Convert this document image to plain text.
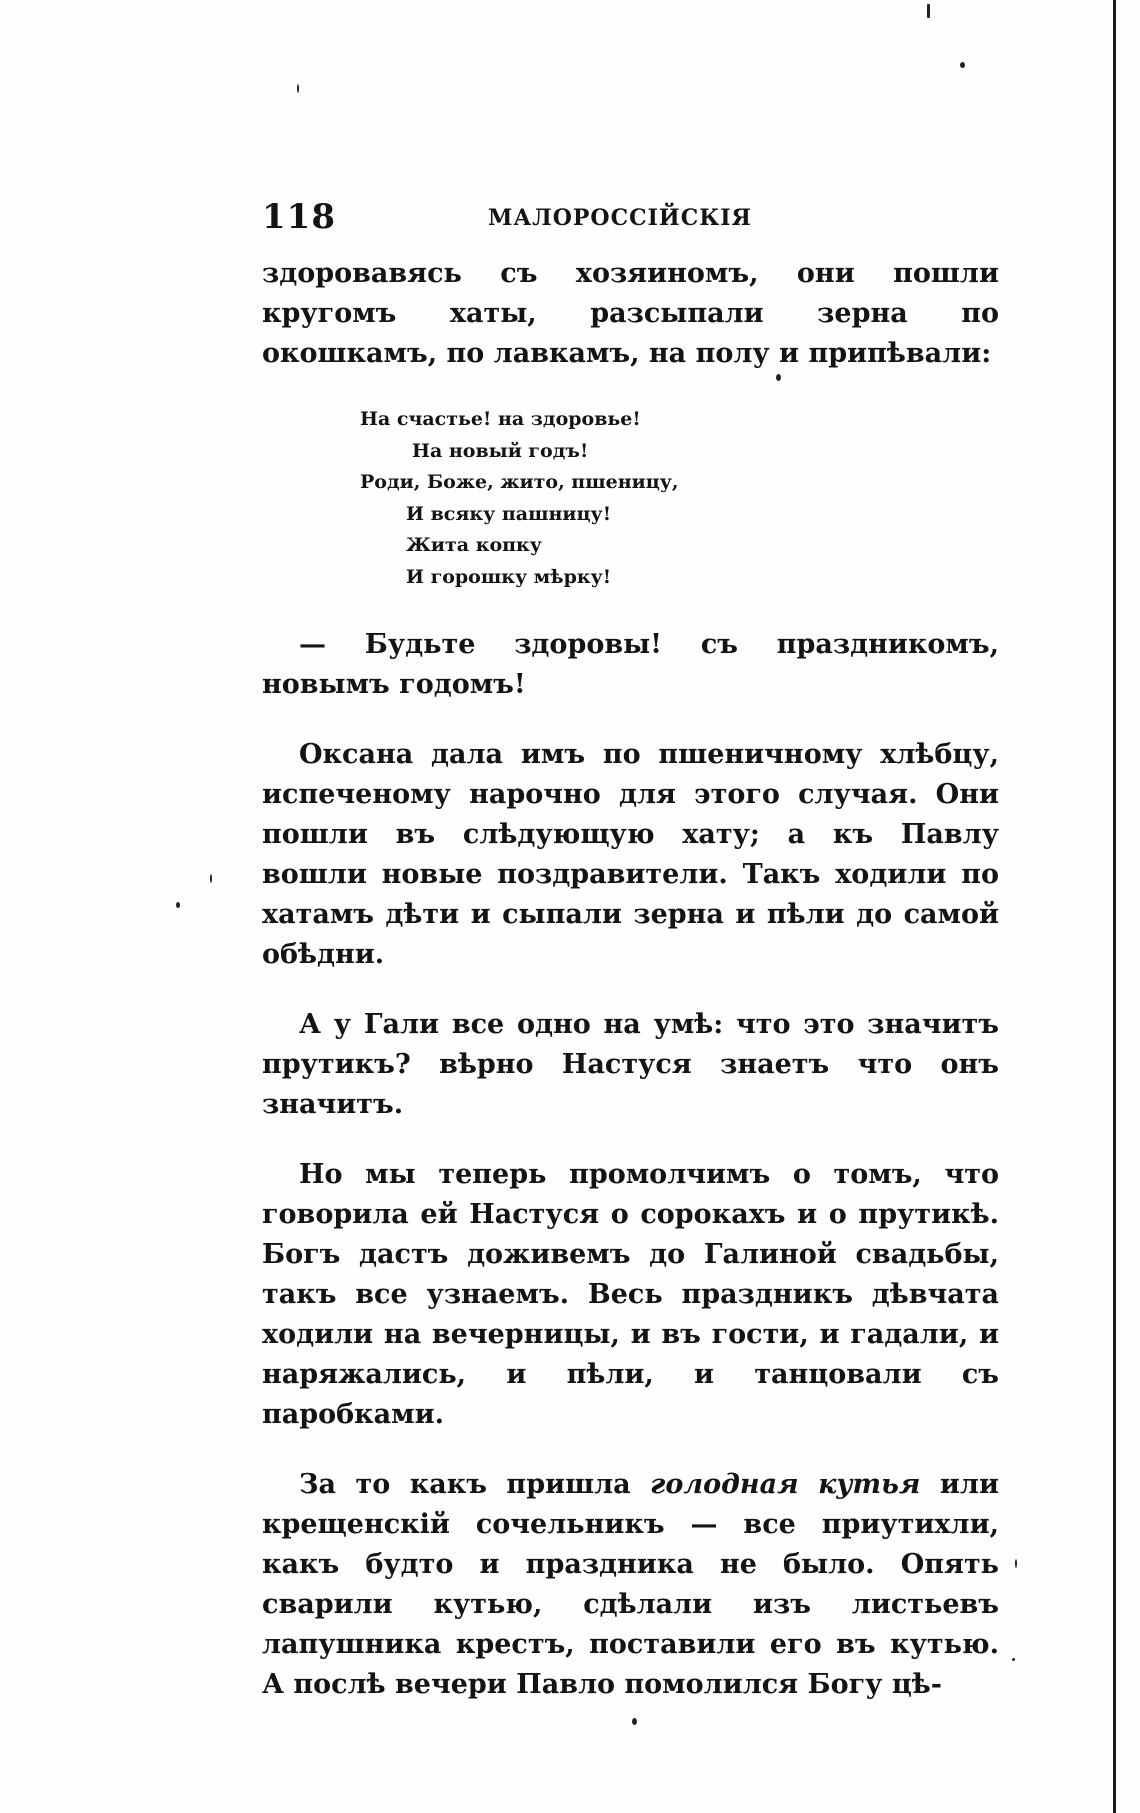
118	МАЛОРОССІЙСКІЯ

здоровавясь съ хозяиномъ, они пошли кругомъ хаты, разсыпали зерна по окошкамъ, по лавкамъ, на полу и припѣвали:

На счастье! на здоровье!
На новый годъ!
Роди, Боже, жито, пшеницу,
И всяку пашницу!
Жита копку
И горошку мѣрку!

— Будьте здоровы! съ праздникомъ, новымъ годомъ!

Оксана дала имъ по пшеничному хлѣбцу, испеченому нарочно для этого случая. Они пошли въ слѣдующую хату; а къ Павлу вошли новые поздравители. Такъ ходили по хатамъ дѣти и сыпали зерна и пѣли до самой обѣдни.

А у Гали все одно на умѣ: что это значитъ прутикъ? вѣрно Настуся знаетъ что онъ значитъ.

Но мы теперь промолчимъ о томъ, что говорила ей Настуся о сорокахъ и о прутикѣ. Богъ дастъ доживемъ до Галиной свадьбы, такъ все узнаемъ. Весь праздникъ дѣвчата ходили на вечерницы, и въ гости, и гадали, и наряжались, и пѣли, и танцовали съ паробками.

За то какъ пришла голодная кутья или крещенскій сочельникъ — все приутихли, какъ будто и праздника не было. Опять сварили кутью, сдѣлали изъ листьевъ лапушника крестъ, поставили его въ кутью. А послѣ вечери Павло помолился Богу цѣ-
